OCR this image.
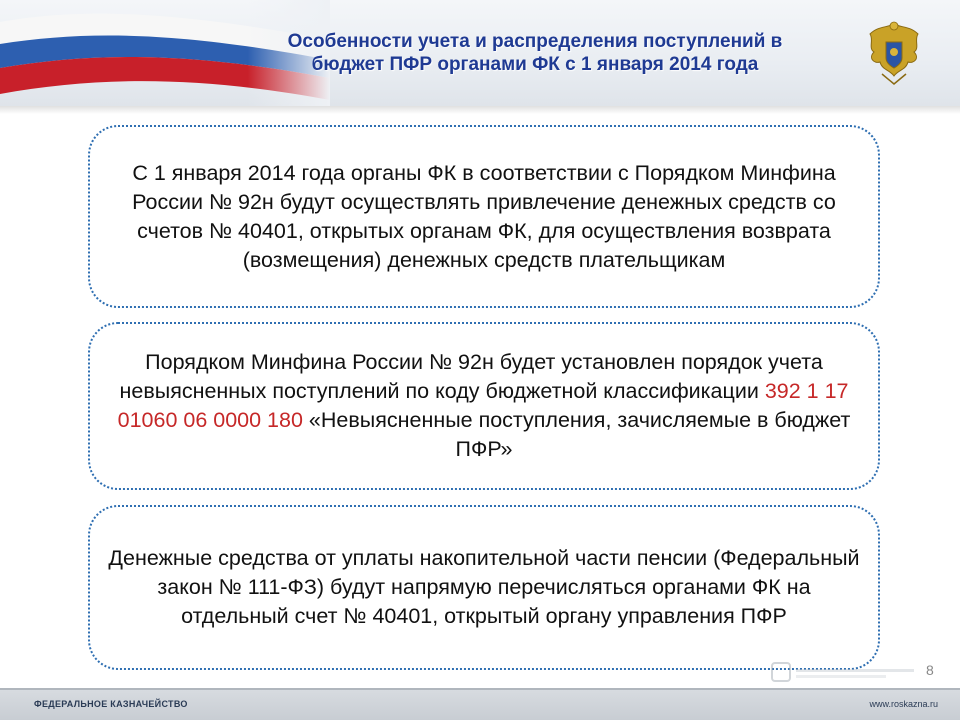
Особенности учета и распределения поступлений в
бюджет ПФР органами ФК с 1 января 2014 года

С 1 января 2014 года органы ФК в соответствии с Порядком Минфина России № 92н будут осуществлять привлечение денежных средств со счетов № 40401, открытых органам ФК, для осуществления возврата (возмещения) денежных средств плательщикам

Порядком Минфина России № 92н будет установлен порядок учета невыясненных поступлений по коду бюджетной классификации 392 1 17 01060 06 0000 180 «Невыясненные поступления, зачисляемые в бюджет ПФР»

Денежные средства от уплаты накопительной части пенсии (Федеральный закон № 111-ФЗ) будут напрямую перечисляться органами ФК на отдельный счет № 40401, открытый органу управления ПФР

8
ФЕДЕРАЛЬНОЕ КАЗНАЧЕЙСТВО	www.roskazna.ru
